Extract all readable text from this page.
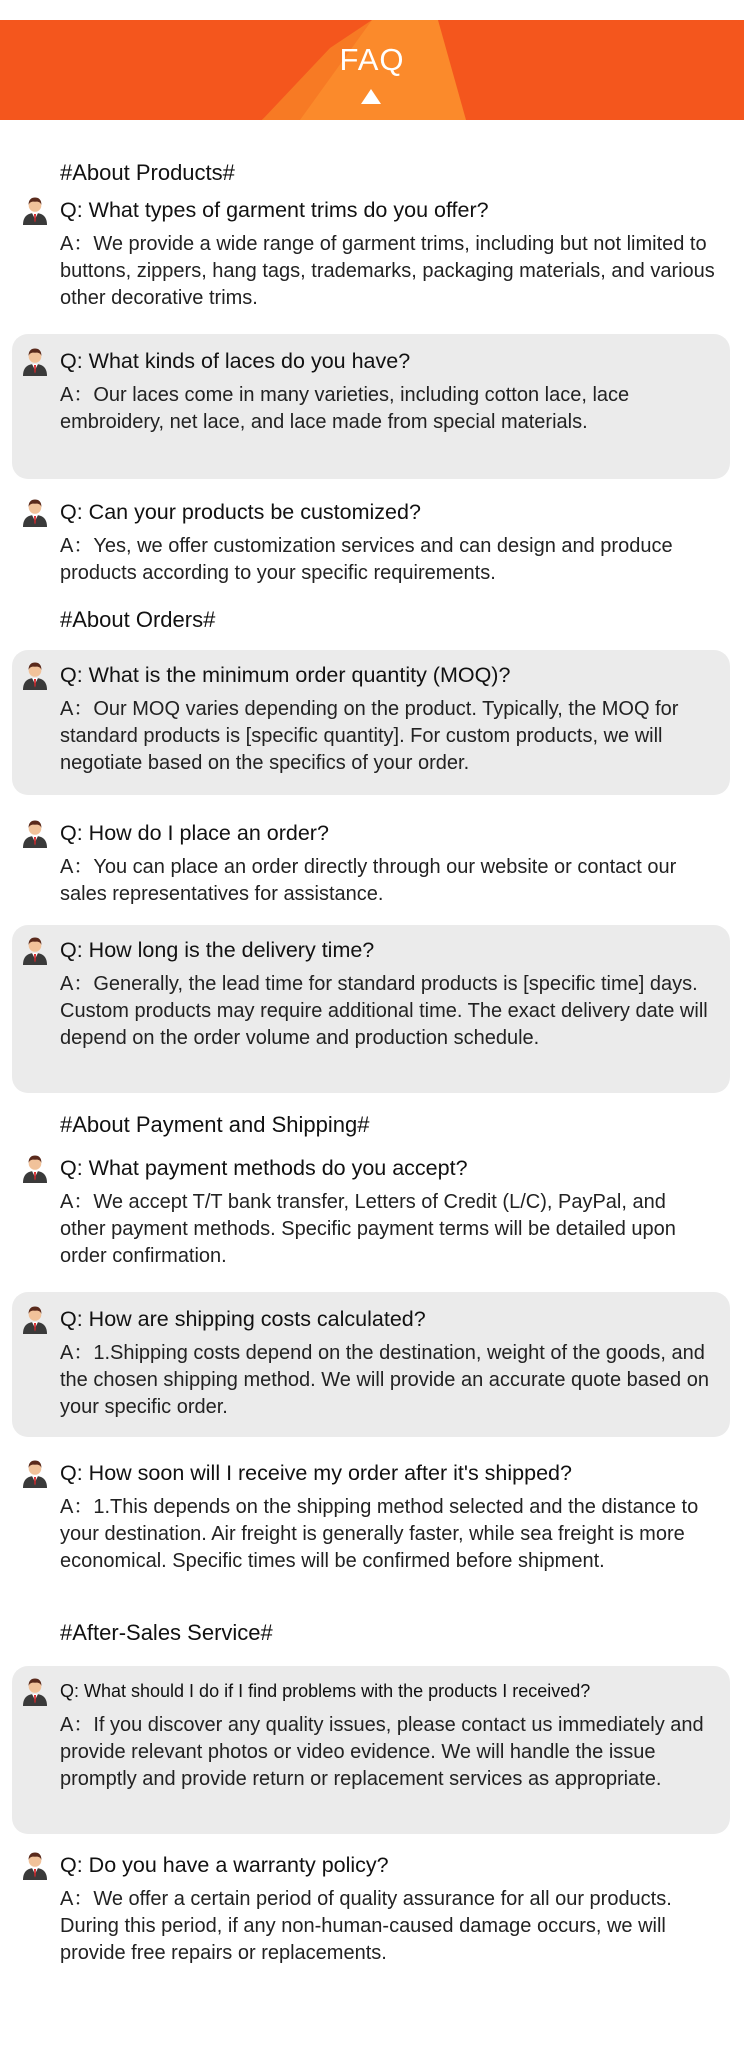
FAQ
#About Products#
#About Orders#
#About Payment and Shipping#
#After-Sales Service#
Q: What types of garment trims do you offer?
A：We provide a wide range of garment trims, including but not limited to buttons, zippers, hang tags, trademarks, packaging materials, and various other decorative trims.
Q: What kinds of laces do you have?
A：Our laces come in many varieties, including cotton lace, lace embroidery, net lace, and lace made from special materials.
Q: Can your products be customized?
A：Yes, we offer customization services and can design and produce products according to your specific requirements.
Q: What is the minimum order quantity (MOQ)?
A：Our MOQ varies depending on the product. Typically, the MOQ for standard products is [specific quantity]. For custom products, we will negotiate based on the specifics of your order.
Q: How do I place an order?
A：You can place an order directly through our website or contact our sales representatives for assistance.
Q: How long is the delivery time?
A：Generally, the lead time for standard products is [specific time] days. Custom products may require additional time. The exact delivery date will depend on the order volume and production schedule.
Q: What payment methods do you accept?
A：We accept T/T bank transfer, Letters of Credit (L/C), PayPal, and other payment methods. Specific payment terms will be detailed upon order confirmation.
Q: How are shipping costs calculated?
A：1.Shipping costs depend on the destination, weight of the goods, and the chosen shipping method. We will provide an accurate quote based on your specific order.
Q: How soon will I receive my order after it's shipped?
A：1.This depends on the shipping method selected and the distance to your destination. Air freight is generally faster, while sea freight is more economical. Specific times will be confirmed before shipment.
Q: What should I do if I find problems with the products I received?
A：If you discover any quality issues, please contact us immediately and provide relevant photos or video evidence. We will handle the issue promptly and provide return or replacement services as appropriate.
Q: Do you have a warranty policy?
A：We offer a certain period of quality assurance for all our products. During this period, if any non-human-caused damage occurs, we will provide free repairs or replacements.
